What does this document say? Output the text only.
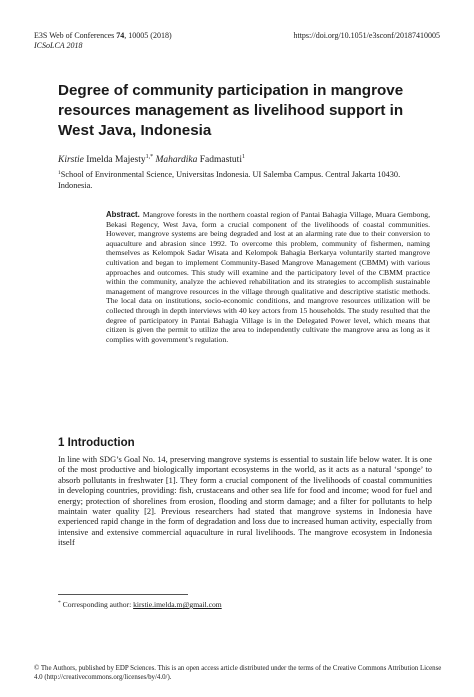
E3S Web of Conferences 74, 10005 (2018)
ICSoLCA 2018
https://doi.org/10.1051/e3sconf/20187410005
Degree of community participation in mangrove resources management as livelihood support in West Java, Indonesia
Kirstie Imelda Majesty$^{1,*}$ Mahardika Fadmastuti$^1$
$^1$School of Environmental Science, Universitas Indonesia. UI Salemba Campus. Central Jakarta 10430. Indonesia.
Abstract. Mangrove forests in the northern coastal region of Pantai Bahagia Village, Muara Gembong, Bekasi Regency, West Java, form a crucial component of the livelihoods of coastal communities. However, mangrove systems are being degraded and lost at an alarming rate due to their conversion to aquaculture and abrasion since 1992. To overcome this problem, community of fishermen, naming themselves as Kelompok Sadar Wisata and Kelompok Bahagia Berkarya voluntarily started mangrove cultivation and began to implement Community-Based Mangrove Management (CBMM) with various approaches and outcomes. This study will examine and the participatory level of the CBMM practice within the community, analyze the achieved rehabilitation and its strategies to accomplish sustainable management of mangrove resources in the village through qualitative and descriptive statistic methods. The local data on institutions, socio-economic conditions, and mangrove resources utilization will be collected through in depth interviews with 40 key actors from 15 households. The study resulted that the degree of participatory in Pantai Bahagia Village is in the Delegated Power level, which means that citizen is given the permit to utilize the area to independently cultivate the mangrove area as long as it complies with government’s regulation.
1 Introduction
In line with SDG’s Goal No. 14, preserving mangrove systems is essential to sustain life below water. It is one of the most productive and biologically important ecosystems in the world, as it acts as a natural ‘sponge’ to absorb pollutants in freshwater [1]. They form a crucial component of the livelihoods of coastal communities in developing countries, providing: fish, crustaceans and other sea life for food and income; wood for fuel and energy; protection of shorelines from erosion, flooding and storm damage; and a filter for pollutants to help maintain water quality [2]. Previous researchers had stated that mangrove systems in Indonesia have experienced rapid change in the form of degradation and loss due to increased human activity, especially from intensive and extensive commercial aquaculture in rural livelihoods. The mangrove ecosystem in Indonesia itself
* Corresponding author: kirstie.imelda.m@gmail.com
© The Authors, published by EDP Sciences. This is an open access article distributed under the terms of the Creative Commons Attribution License 4.0 (http://creativecommons.org/licenses/by/4.0/).
